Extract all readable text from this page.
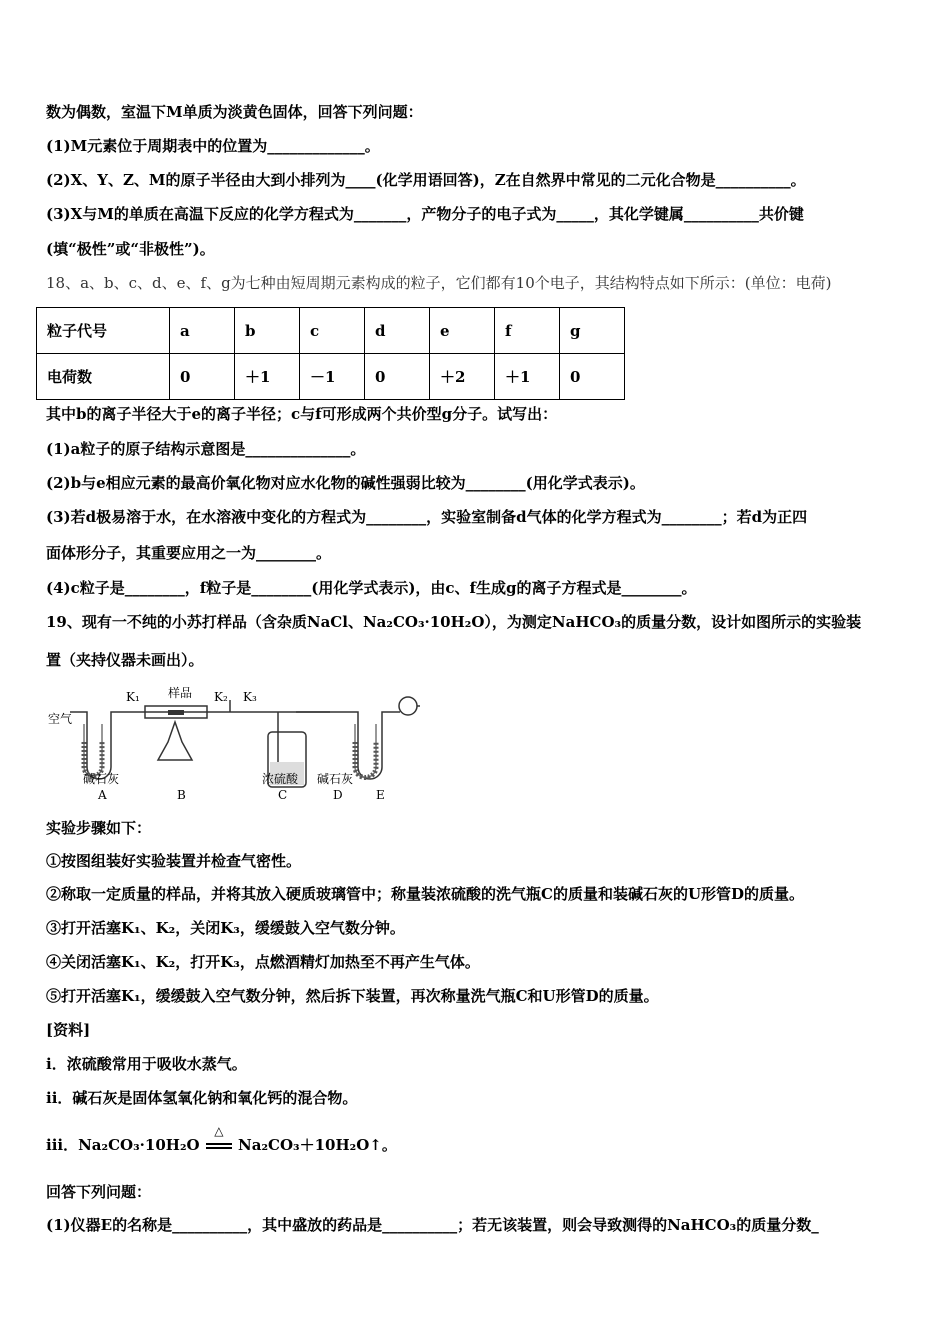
数为偶数，室温下M单质为淡黄色固体，回答下列问题：
(1)M元素位于周期表中的位置为_____________。
(2)X、Y、Z、M的原子半径由大到小排列为____(化学用语回答)，Z在自然界中常见的二元化合物是__________。
(3)X与M的单质在高温下反应的化学方程式为_______，产物分子的电子式为_____，其化学键属__________共价键
(填“极性”或“非极性”)。
18、a、b、c、d、e、f、g为七种由短周期元素构成的粒子，它们都有10个电子，其结构特点如下所示：(单位：电荷)
粒子代号	a	b	c	d	e	f	g
电荷数	0	＋1	－1	0	＋2	＋1	0
其中b的离子半径大于e的离子半径；c与f可形成两个共价型g分子。试写出：
(1)a粒子的原子结构示意图是______________。
(2)b与e相应元素的最高价氧化物对应水化物的碱性强弱比较为________(用化学式表示)。
(3)若d极易溶于水，在水溶液中变化的方程式为________，实验室制备d气体的化学方程式为________；若d为正四
面体形分子，其重要应用之一为________。
(4)c粒子是________，f粒子是________(用化学式表示)，由c、f生成g的离子方程式是________。
19、现有一不纯的小苏打样品（含杂质NaCl、Na₂CO₃·10H₂O），为测定NaHCO₃的质量分数，设计如图所示的实验装
置（夹持仪器未画出）。
空气
K₁ 样品 K₂ K₃
碱石灰	浓硫酸 碱石灰
A	B	C	D	E
实验步骤如下：
①按图组装好实验装置并检查气密性。
②称取一定质量的样品，并将其放入硬质玻璃管中；称量装浓硫酸的洗气瓶C的质量和装碱石灰的U形管D的质量。
③打开活塞K₁、K₂，关闭K₃，缓缓鼓入空气数分钟。
④关闭活塞K₁、K₂，打开K₃，点燃酒精灯加热至不再产生气体。
⑤打开活塞K₁，缓缓鼓入空气数分钟，然后拆下装置，再次称量洗气瓶C和U形管D的质量。
[资料]
i．浓硫酸常用于吸收水蒸气。
ii．碱石灰是固体氢氧化钠和氧化钙的混合物。
iii．Na₂CO₃·10H₂O
△
Na₂CO₃＋10H₂O↑。
回答下列问题：
(1)仪器E的名称是__________，其中盛放的药品是__________；若无该装置，则会导致测得的NaHCO₃的质量分数_
